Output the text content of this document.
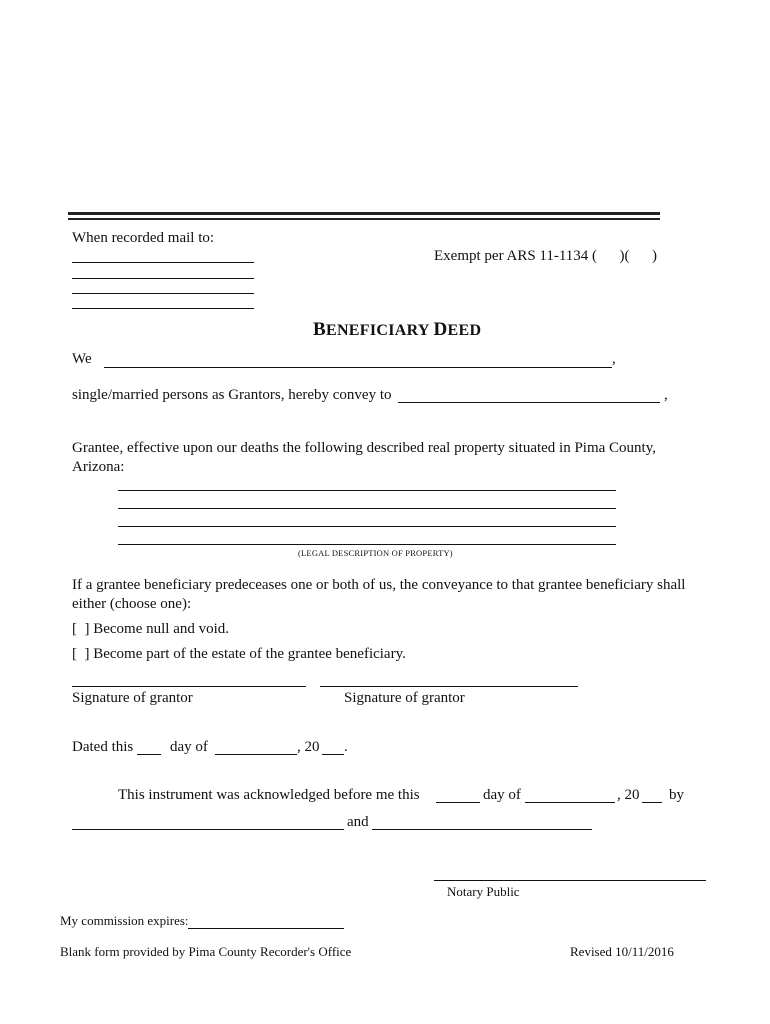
When recorded mail to:
Exempt per ARS 11-1134 (      )(      )
BENEFICIARY DEED
We	,
single/married persons as Grantors, hereby convey to	,
Grantee, effective upon our deaths the following described real property situated in Pima County,
Arizona:
(LEGAL DESCRIPTION OF PROPERTY)
If a grantee beneficiary predeceases one or both of us, the conveyance to that grantee beneficiary shall
either (choose one):
[  ] Become null and void.
[  ] Become part of the estate of the grantee beneficiary.
Signature of grantor	Signature of grantor
Dated this day of	, 20 .
This instrument was acknowledged before me this	day of	, 20 by
and
Notary Public
My commission expires:
Blank form provided by Pima County Recorder's Office	Revised 10/11/2016
